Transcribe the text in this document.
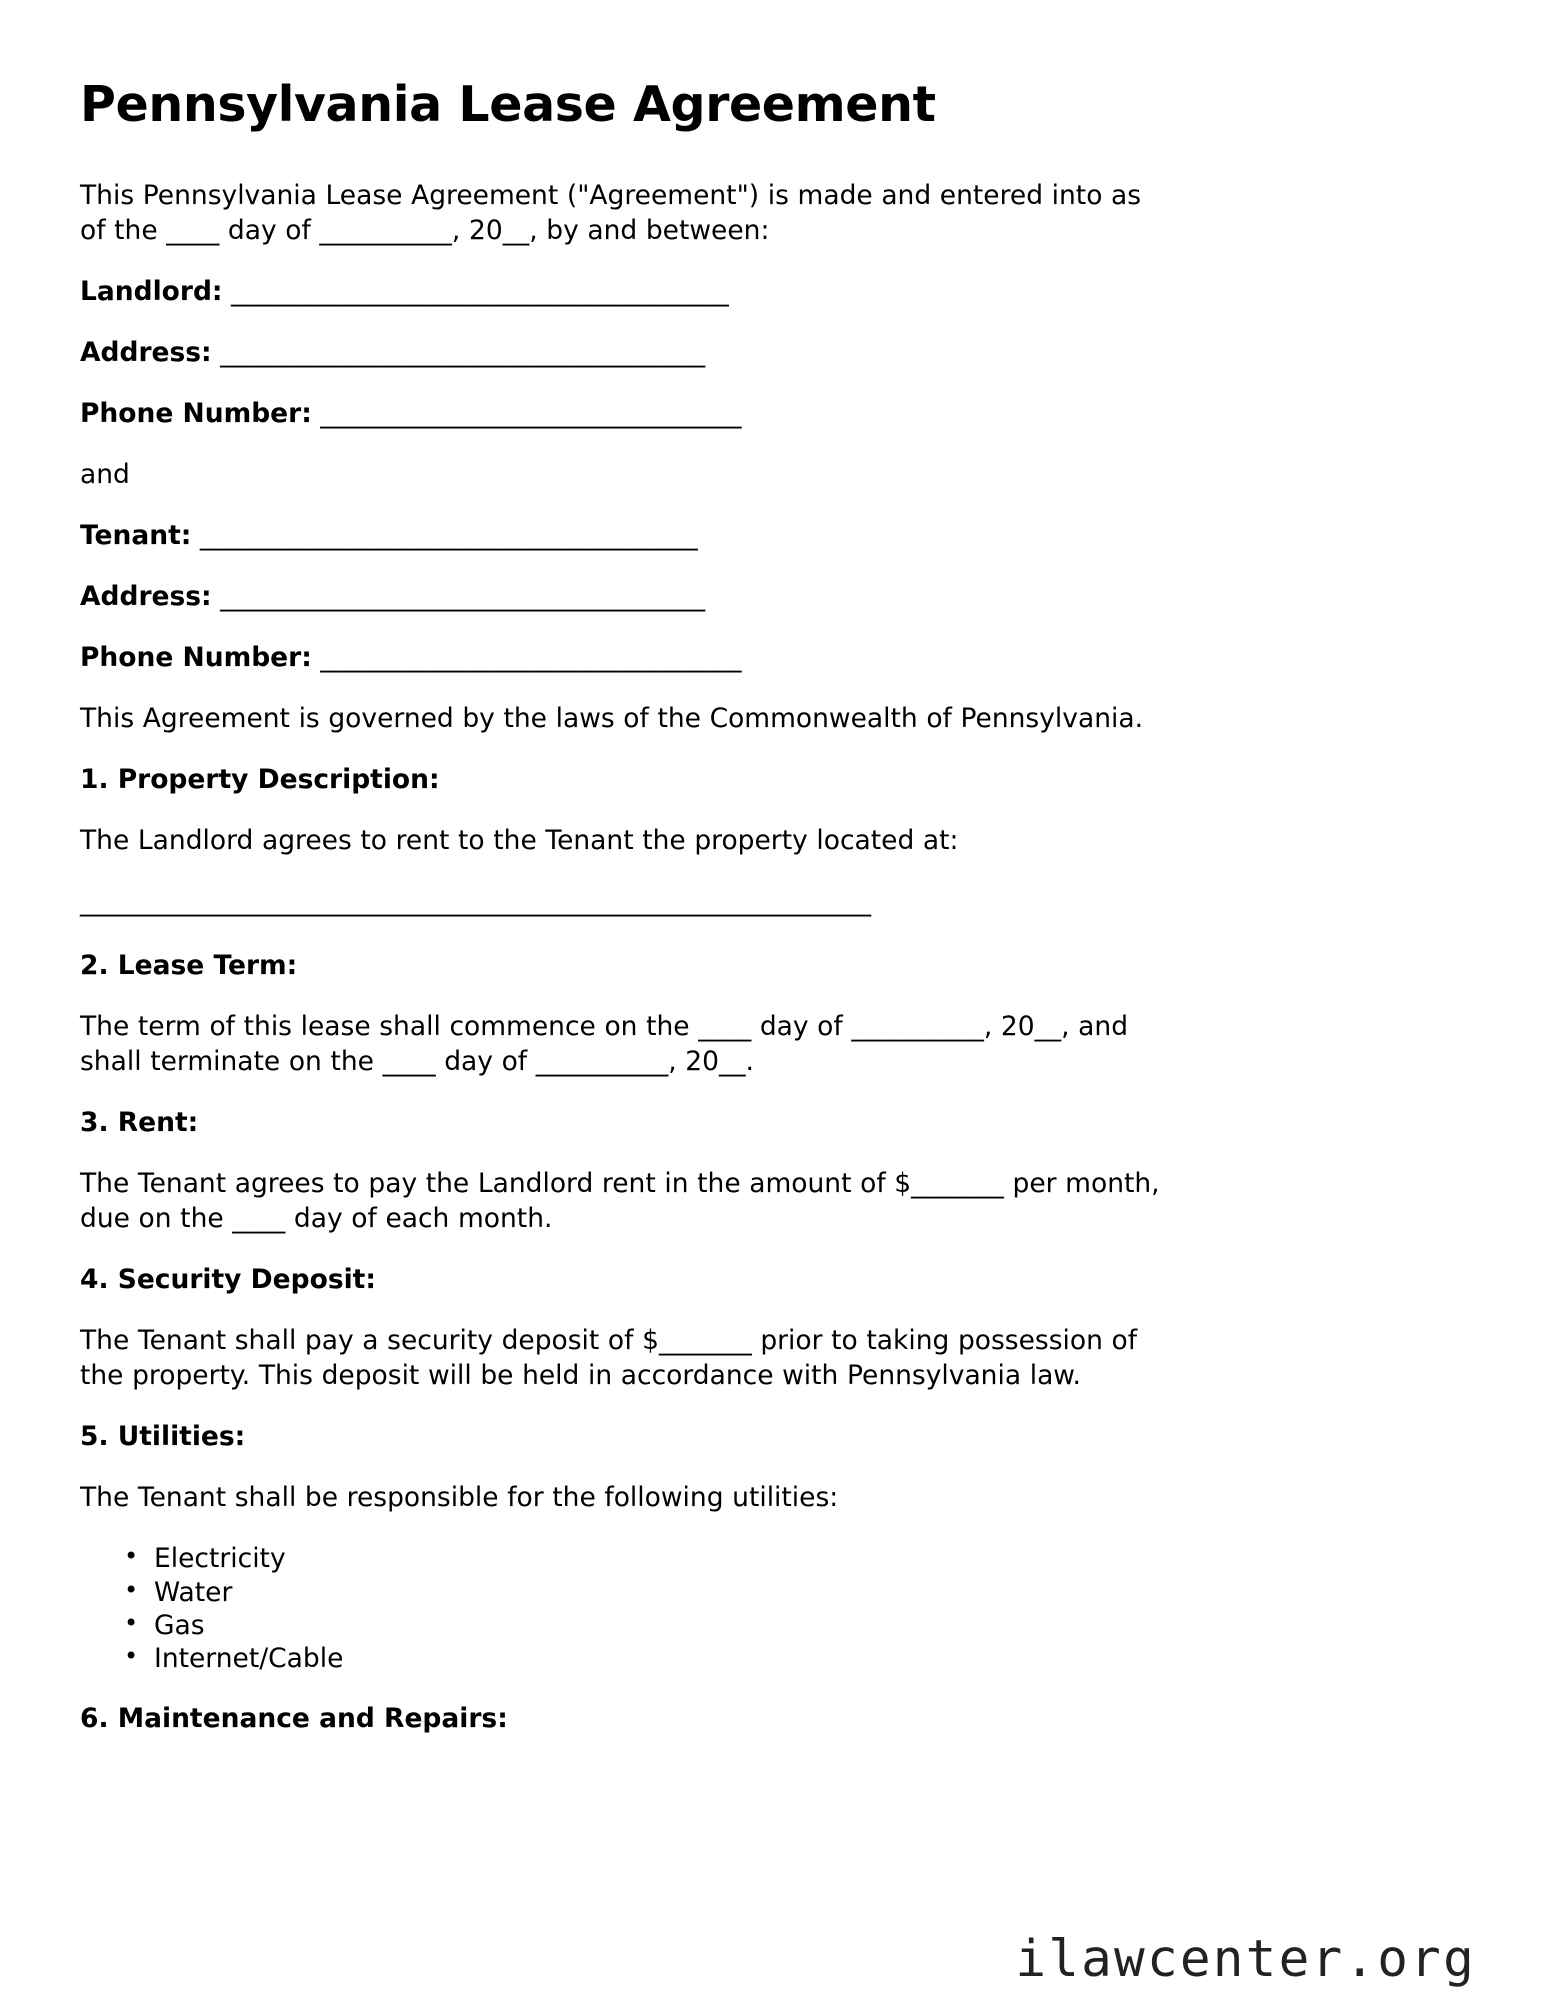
Pennsylvania Lease Agreement

This Pennsylvania Lease Agreement ("Agreement") is made and entered into as of the ____ day of __________, 20__, by and between:

Landlord: _______________________________________
Address: ______________________________________
Phone Number: _________________________________

and

Tenant: _______________________________________
Address: ______________________________________
Phone Number: _________________________________

This Agreement is governed by the laws of the Commonwealth of Pennsylvania.

1. Property Description:

The Landlord agrees to rent to the Tenant the property located at:

______________________________________________________________
2. Lease Term:

The term of this lease shall commence on the ____ day of __________, 20__, and shall terminate on the ____ day of __________, 20__.

3. Rent:

The Tenant agrees to pay the Landlord rent in the amount of $_______ per month, due on the ____ day of each month.

4. Security Deposit:

The Tenant shall pay a security deposit of $_______ prior to taking possession of the property. This deposit will be held in accordance with Pennsylvania law.

5. Utilities:

The Tenant shall be responsible for the following utilities:

• Electricity
• Water
• Gas
• Internet/Cable
6. Maintenance and Repairs:
ilawcenter.org
